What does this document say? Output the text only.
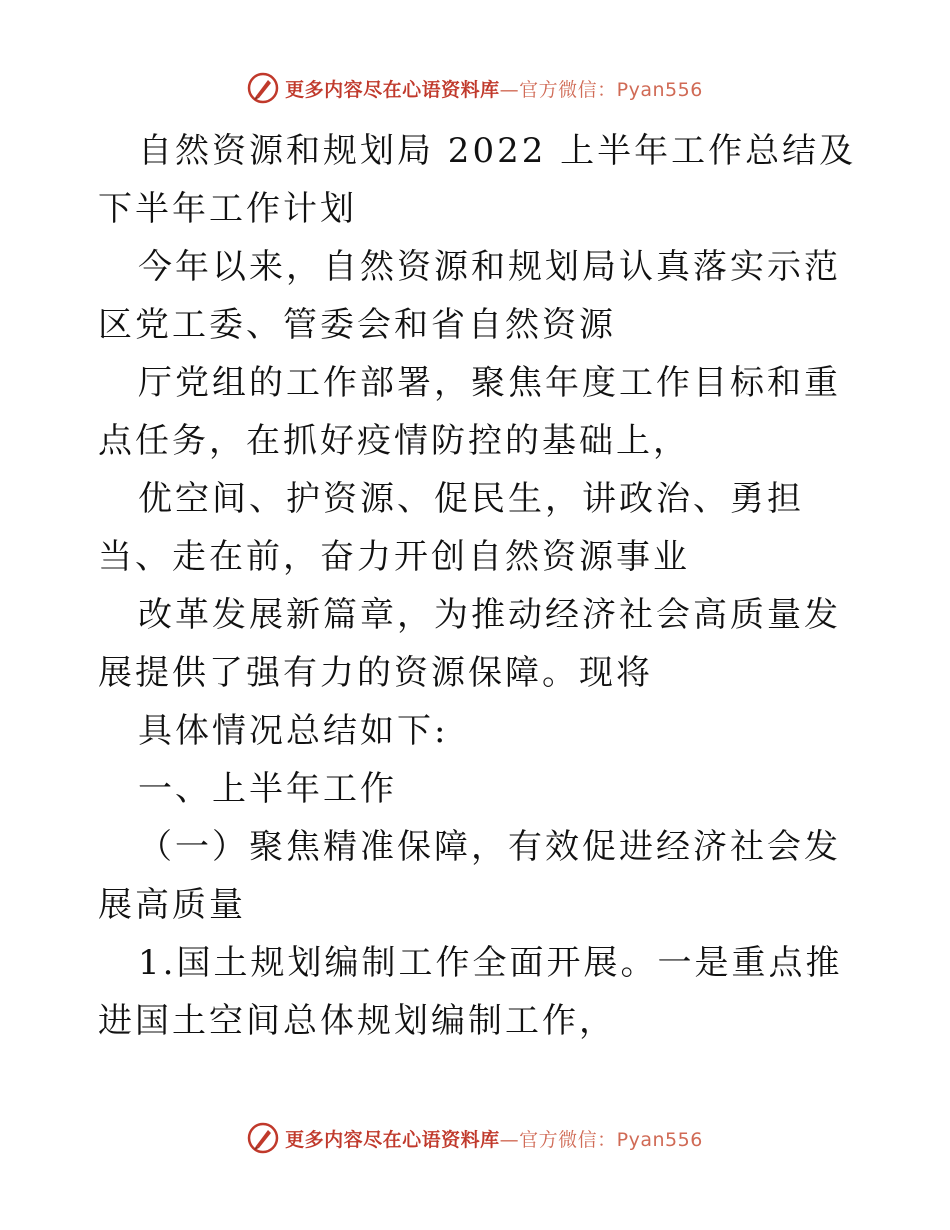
更多内容尽在心语资料库—官方微信：Pyan556

自然资源和规划局 2022 上半年工作总结及下半年工作计划

今年以来，自然资源和规划局认真落实示范区党工委、管委会和省自然资源

厅党组的工作部署，聚焦年度工作目标和重点任务，在抓好疫情防控的基础上，

优空间、护资源、促民生，讲政治、勇担当、走在前，奋力开创自然资源事业

改革发展新篇章，为推动经济社会高质量发展提供了强有力的资源保障。现将

具体情况总结如下:

一、上半年工作

（一）聚焦精准保障，有效促进经济社会发展高质量

1.国土规划编制工作全面开展。一是重点推进国土空间总体规划编制工作，

更多内容尽在心语资料库—官方微信：Pyan556
